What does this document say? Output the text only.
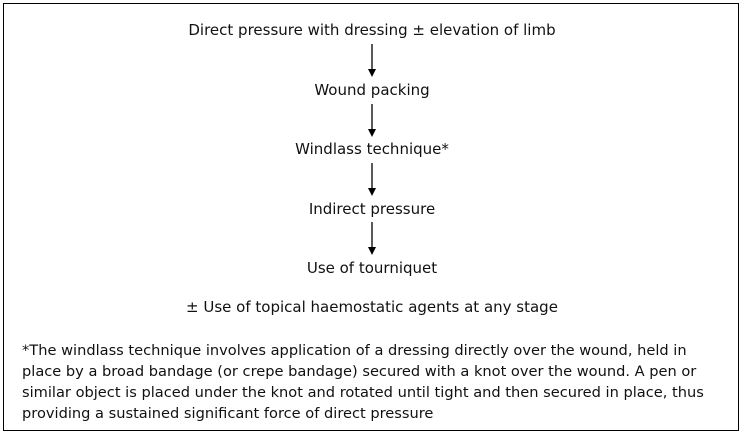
Direct pressure with dressing ± elevation of limb
Wound packing
Windlass technique*
Indirect pressure
Use of tourniquet
± Use of topical haemostatic agents at any stage
*The windlass technique involves application of a dressing directly over the wound, held in place by a broad bandage (or crepe bandage) secured with a knot over the wound. A pen or similar object is placed under the knot and rotated until tight and then secured in place, thus providing a sustained significant force of direct pressure
